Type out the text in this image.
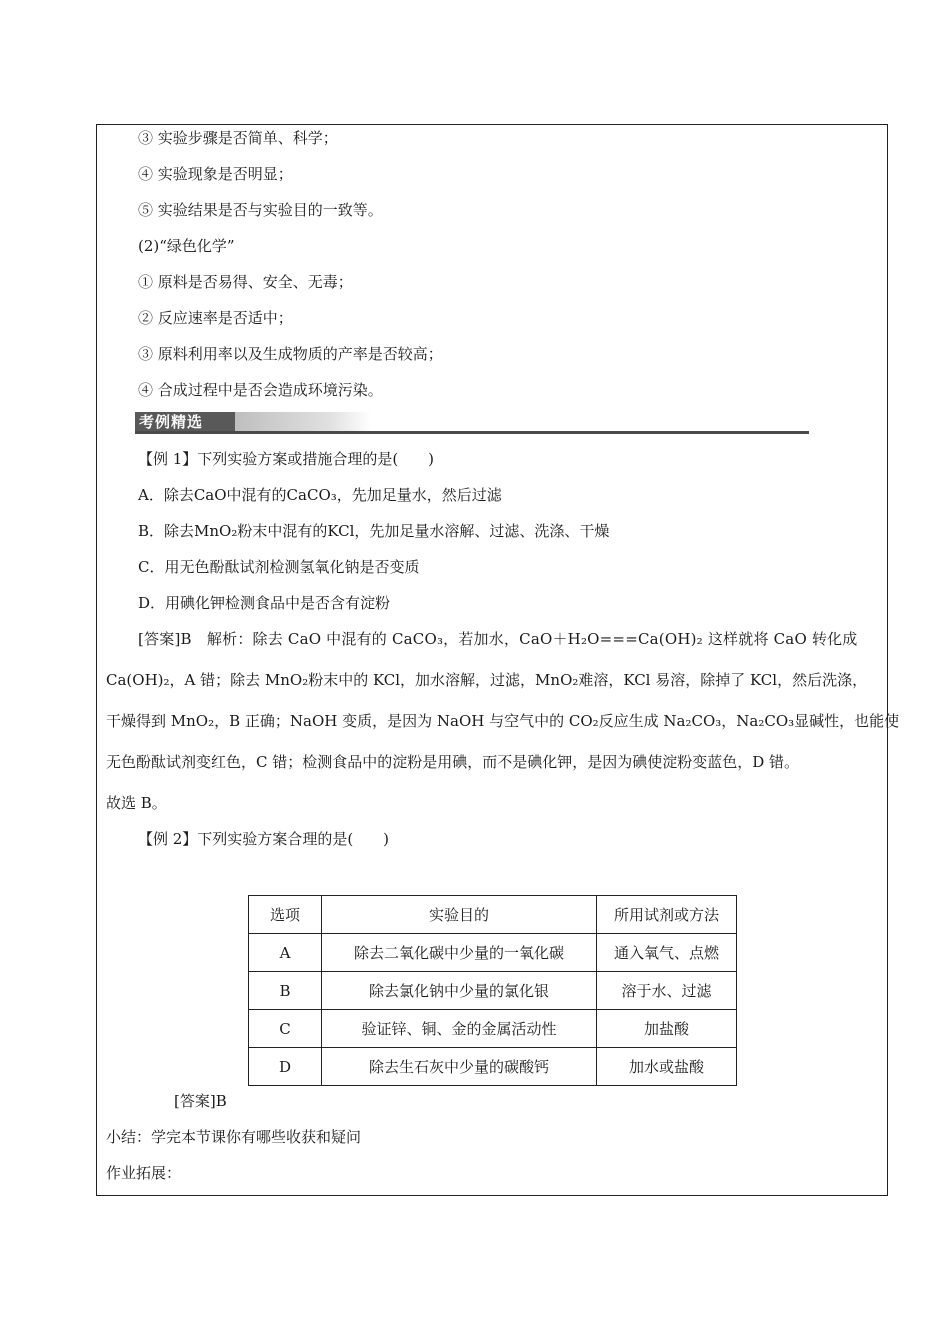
③ 实验步骤是否简单、科学；
④ 实验现象是否明显；
⑤ 实验结果是否与实验目的一致等。
(2)“绿色化学”
① 原料是否易得、安全、无毒；
② 反应速率是否适中；
③ 原料利用率以及生成物质的产率是否较高；
④ 合成过程中是否会造成环境污染。
考例精选
【例 1】下列实验方案或措施合理的是(　　)
A．除去CaO中混有的CaCO₃，先加足量水，然后过滤
B．除去MnO₂粉末中混有的KCl，先加足量水溶解、过滤、洗涤、干燥
C．用无色酚酞试剂检测氢氧化钠是否变质
D．用碘化钾检测食品中是否含有淀粉
[答案]B　解析：除去 CaO 中混有的 CaCO₃，若加水，CaO＋H₂O===Ca(OH)₂ 这样就将 CaO 转化成
Ca(OH)₂，A 错；除去 MnO₂粉末中的 KCl，加水溶解，过滤，MnO₂难溶，KCl 易溶，除掉了 KCl，然后洗涤，
干燥得到 MnO₂，B 正确；NaOH 变质，是因为 NaOH 与空气中的 CO₂反应生成 Na₂CO₃，Na₂CO₃显碱性，也能使
无色酚酞试剂变红色，C 错；检测食品中的淀粉是用碘，而不是碘化钾，是因为碘使淀粉变蓝色，D 错。
故选 B。
【例 2】下列实验方案合理的是(　　)
选项	实验目的	所用试剂或方法
A	除去二氧化碳中少量的一氧化碳	通入氧气、点燃
B	除去氯化钠中少量的氯化银	溶于水、过滤
C	验证锌、铜、金的金属活动性	加盐酸
D	除去生石灰中少量的碳酸钙	加水或盐酸
[答案]B
小结：学完本节课你有哪些收获和疑问
作业拓展：
